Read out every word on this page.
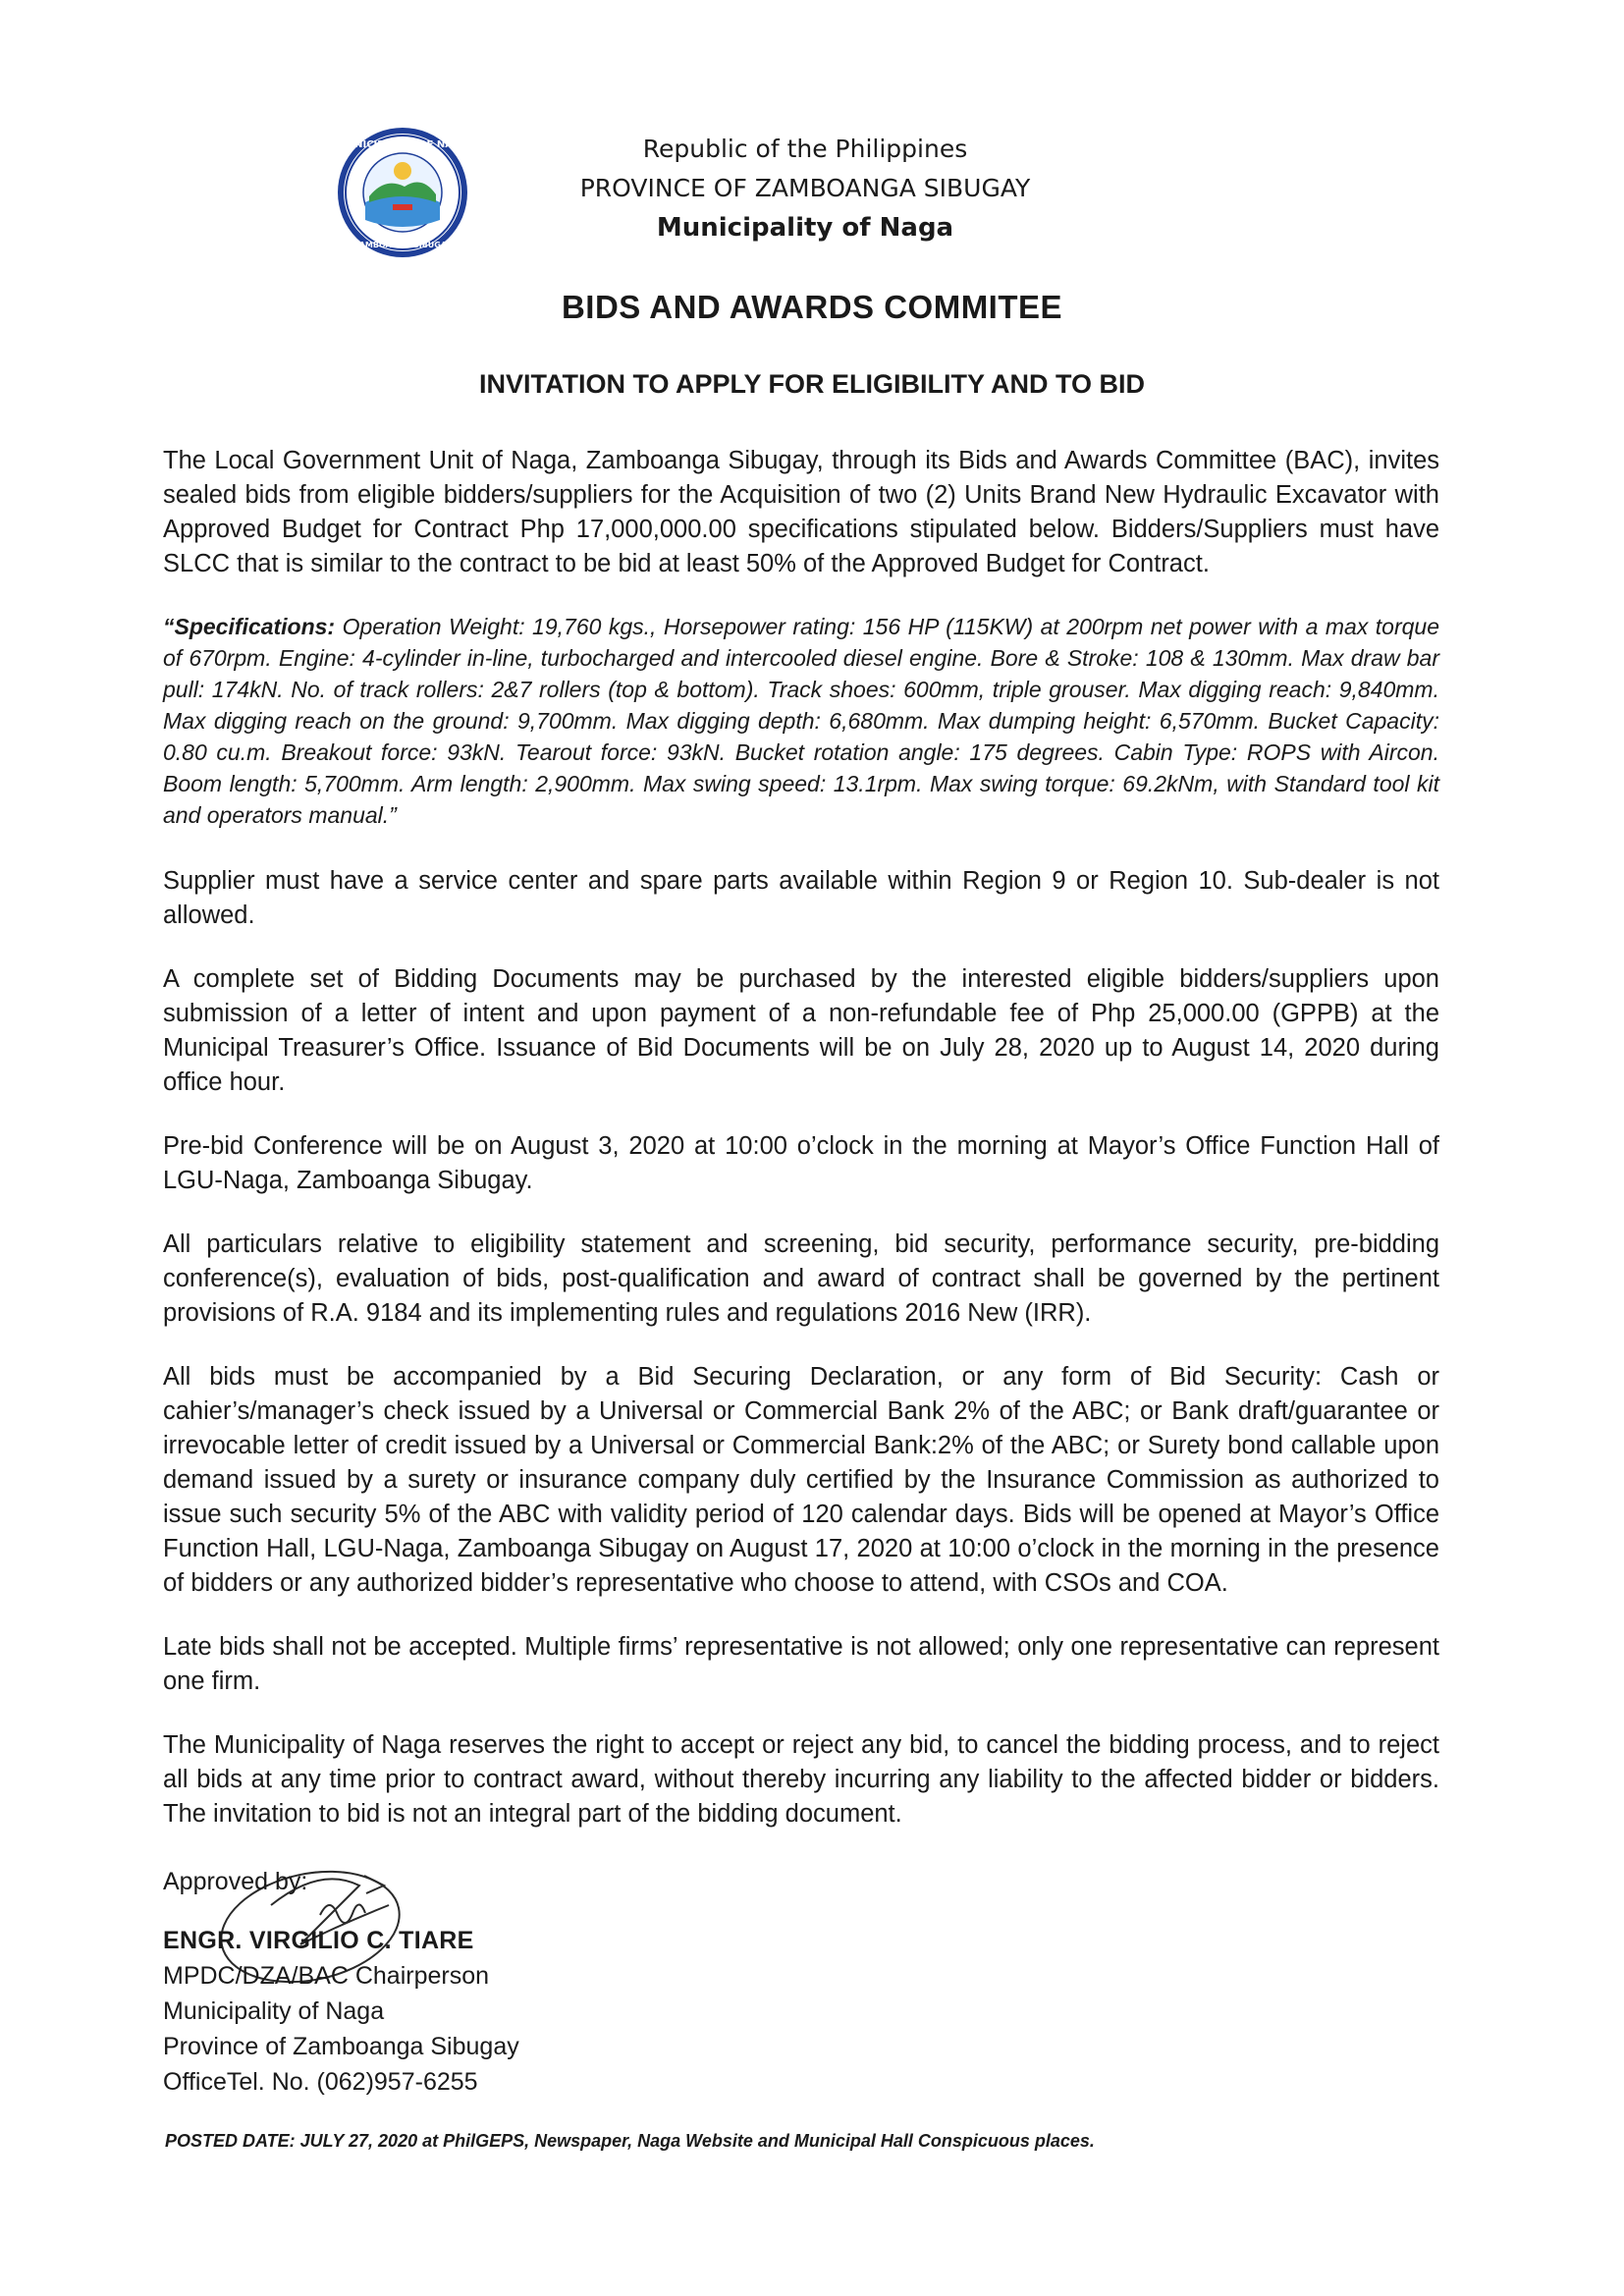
MUNICIPALITY OF NAGA
ZAMBOANGA SIBUGAY
Republic of the Philippines
PROVINCE OF ZAMBOANGA SIBUGAY
Municipality of Naga
BIDS AND AWARDS COMMITEE
INVITATION TO APPLY FOR ELIGIBILITY AND TO BID

The Local Government Unit of Naga, Zamboanga Sibugay, through its Bids and Awards Committee (BAC), invites sealed bids from eligible bidders/suppliers for the Acquisition of two (2) Units Brand New Hydraulic Excavator with Approved Budget for Contract Php 17,000,000.00 specifications stipulated below. Bidders/Suppliers must have SLCC that is similar to the contract to be bid at least 50% of the Approved Budget for Contract.

“Specifications: Operation Weight: 19,760 kgs., Horsepower rating: 156 HP (115KW) at 200rpm net power with a max torque of 670rpm. Engine: 4-cylinder in-line, turbocharged and intercooled diesel engine. Bore & Stroke: 108 & 130mm. Max draw bar pull: 174kN. No. of track rollers: 2&7 rollers (top & bottom). Track shoes: 600mm, triple grouser. Max digging reach: 9,840mm. Max digging reach on the ground: 9,700mm. Max digging depth: 6,680mm. Max dumping height: 6,570mm. Bucket Capacity: 0.80 cu.m. Breakout force: 93kN. Tearout force: 93kN. Bucket rotation angle: 175 degrees. Cabin Type: ROPS with Aircon. Boom length: 5,700mm. Arm length: 2,900mm. Max swing speed: 13.1rpm. Max swing torque: 69.2kNm, with Standard tool kit and operators manual.”

Supplier must have a service center and spare parts available within Region 9 or Region 10. Sub-dealer is not allowed.

A complete set of Bidding Documents may be purchased by the interested eligible bidders/suppliers upon submission of a letter of intent and upon payment of a non-refundable fee of Php 25,000.00 (GPPB) at the Municipal Treasurer’s Office. Issuance of Bid Documents will be on July 28, 2020 up to August 14, 2020 during office hour.

Pre-bid Conference will be on August 3, 2020 at 10:00 o’clock in the morning at Mayor’s Office Function Hall of LGU-Naga, Zamboanga Sibugay.

All particulars relative to eligibility statement and screening, bid security, performance security, pre-bidding conference(s), evaluation of bids, post-qualification and award of contract shall be governed by the pertinent provisions of R.A. 9184 and its implementing rules and regulations 2016 New (IRR).

All bids must be accompanied by a Bid Securing Declaration, or any form of Bid Security: Cash or cahier’s/manager’s check issued by a Universal or Commercial Bank 2% of the ABC; or Bank draft/guarantee or irrevocable letter of credit issued by a Universal or Commercial Bank:2% of the ABC; or Surety bond callable upon demand issued by a surety or insurance company duly certified by the Insurance Commission as authorized to issue such security 5% of the ABC with validity period of 120 calendar days. Bids will be opened at Mayor’s Office Function Hall, LGU-Naga, Zamboanga Sibugay on August 17, 2020 at 10:00 o’clock in the morning in the presence of bidders or any authorized bidder’s representative who choose to attend, with CSOs and COA.

Late bids shall not be accepted. Multiple firms’ representative is not allowed; only one representative can represent one firm.

The Municipality of Naga reserves the right to accept or reject any bid, to cancel the bidding process, and to reject all bids at any time prior to contract award, without thereby incurring any liability to the affected bidder or bidders. The invitation to bid is not an integral part of the bidding document.

Approved by:
ENGR. VIRGILIO C. TIARE
MPDC/DZA/BAC Chairperson
Municipality of Naga
Province of Zamboanga Sibugay
OfficeTel. No. (062)957-6255
POSTED DATE: JULY 27, 2020 at PhilGEPS, Newspaper, Naga Website and Municipal Hall Conspicuous places.
